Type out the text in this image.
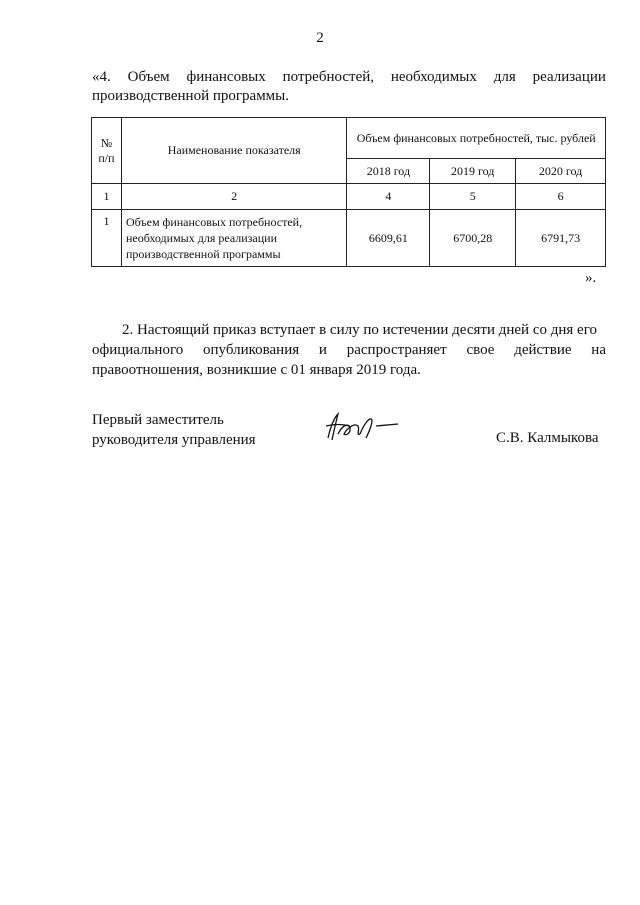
2
«4. Объем финансовых потребностей, необходимых для реализации
производственной программы.
№ п/п	Наименование показателя	Объем финансовых потребностей, тыс. рублей		
		2018 год	2019 год	2020 год
1	2	4	5	6
1	Объем финансовых потребностей, необходимых для реализации производственной программы	6609,61	6700,28	6791,73
».
2. Настоящий приказ вступает в силу по истечении десяти дней со дня его
официального опубликования и распространяет свое действие на
правоотношения, возникшие с 01 января 2019 года.
Первый заместитель
руководителя управления	С.В. Калмыкова
